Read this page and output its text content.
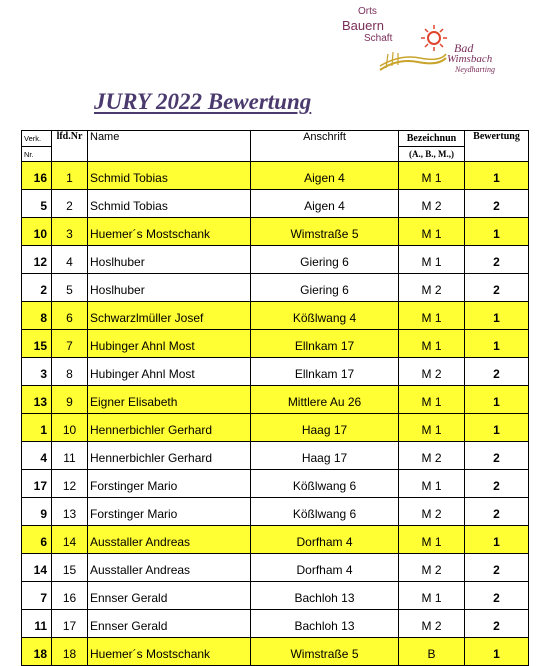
Orts
Bauern
Schaft
Bad
Wimsbach
Neydharting
JURY 2022 Bewertung
Verk.	lfd.Nr	Name	Anschrift	Bezeichnun	Bewertung
Nr.				(A., B., M.,)	
16	1	Schmid Tobias	Aigen 4	M 1	1
5	2	Schmid Tobias	Aigen 4	M 2	2
10	3	Huemer´s Mostschank	Wimstraße 5	M 1	1
12	4	Hoslhuber	Giering 6	M 1	2
2	5	Hoslhuber	Giering 6	M 2	2
8	6	Schwarzlmüller Josef	Kößlwang 4	M 1	1
15	7	Hubinger Ahnl Most	Ellnkam 17	M 1	1
3	8	Hubinger Ahnl Most	Ellnkam 17	M 2	2
13	9	Eigner Elisabeth	Mittlere Au 26	M 1	1
1	10	Hennerbichler Gerhard	Haag 17	M 1	1
4	11	Hennerbichler Gerhard	Haag 17	M 2	2
17	12	Forstinger Mario	Kößlwang 6	M 1	2
9	13	Forstinger Mario	Kößlwang 6	M 2	2
6	14	Ausstaller Andreas	Dorfham 4	M 1	1
14	15	Ausstaller Andreas	Dorfham 4	M 2	2
7	16	Ennser Gerald	Bachloh 13	M 1	2
11	17	Ennser Gerald	Bachloh 13	M 2	2
18	18	Huemer´s Mostschank	Wimstraße 5	B	1
